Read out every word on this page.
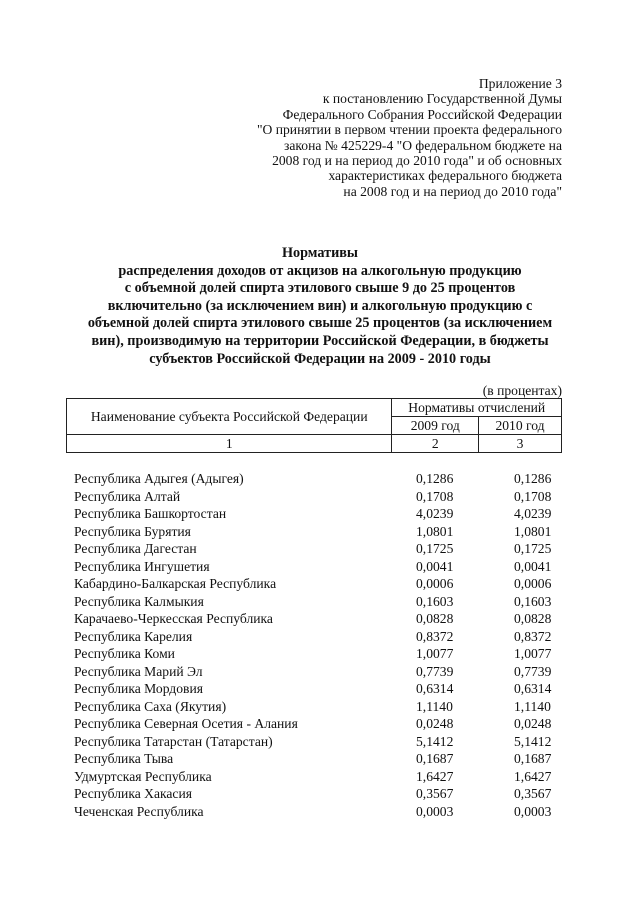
Приложение 3
к постановлению Государственной Думы
Федерального Собрания Российской Федерации
"О принятии в первом чтении проекта федерального
закона № 425229-4 "О федеральном бюджете на
2008 год и на период до 2010 года" и об основных
характеристиках федерального бюджета
на 2008 год и на период до 2010 года"
Нормативы
распределения доходов от акцизов на алкогольную продукцию
с объемной долей спирта этилового свыше 9 до 25 процентов
включительно (за исключением вин) и алкогольную продукцию с
объемной долей спирта этилового свыше 25 процентов (за исключением
вин), производимую на территории Российской Федерации, в бюджеты
субъектов Российской Федерации на 2009 - 2010 годы
(в процентах)
Наименование субъекта Российской Федерации	Нормативы отчислений	
	2009 год	2010 год
1	2	3
Республика Адыгея (Адыгея)	0,1286	0,1286
Республика Алтай	0,1708	0,1708
Республика Башкортостан	4,0239	4,0239
Республика Бурятия	1,0801	1,0801
Республика Дагестан	0,1725	0,1725
Республика Ингушетия	0,0041	0,0041
Кабардино-Балкарская Республика	0,0006	0,0006
Республика Калмыкия	0,1603	0,1603
Карачаево-Черкесская Республика	0,0828	0,0828
Республика Карелия	0,8372	0,8372
Республика Коми	1,0077	1,0077
Республика Марий Эл	0,7739	0,7739
Республика Мордовия	0,6314	0,6314
Республика Саха (Якутия)	1,1140	1,1140
Республика Северная Осетия - Алания	0,0248	0,0248
Республика Татарстан (Татарстан)	5,1412	5,1412
Республика Тыва	0,1687	0,1687
Удмуртская Республика	1,6427	1,6427
Республика Хакасия	0,3567	0,3567
Чеченская Республика	0,0003	0,0003
